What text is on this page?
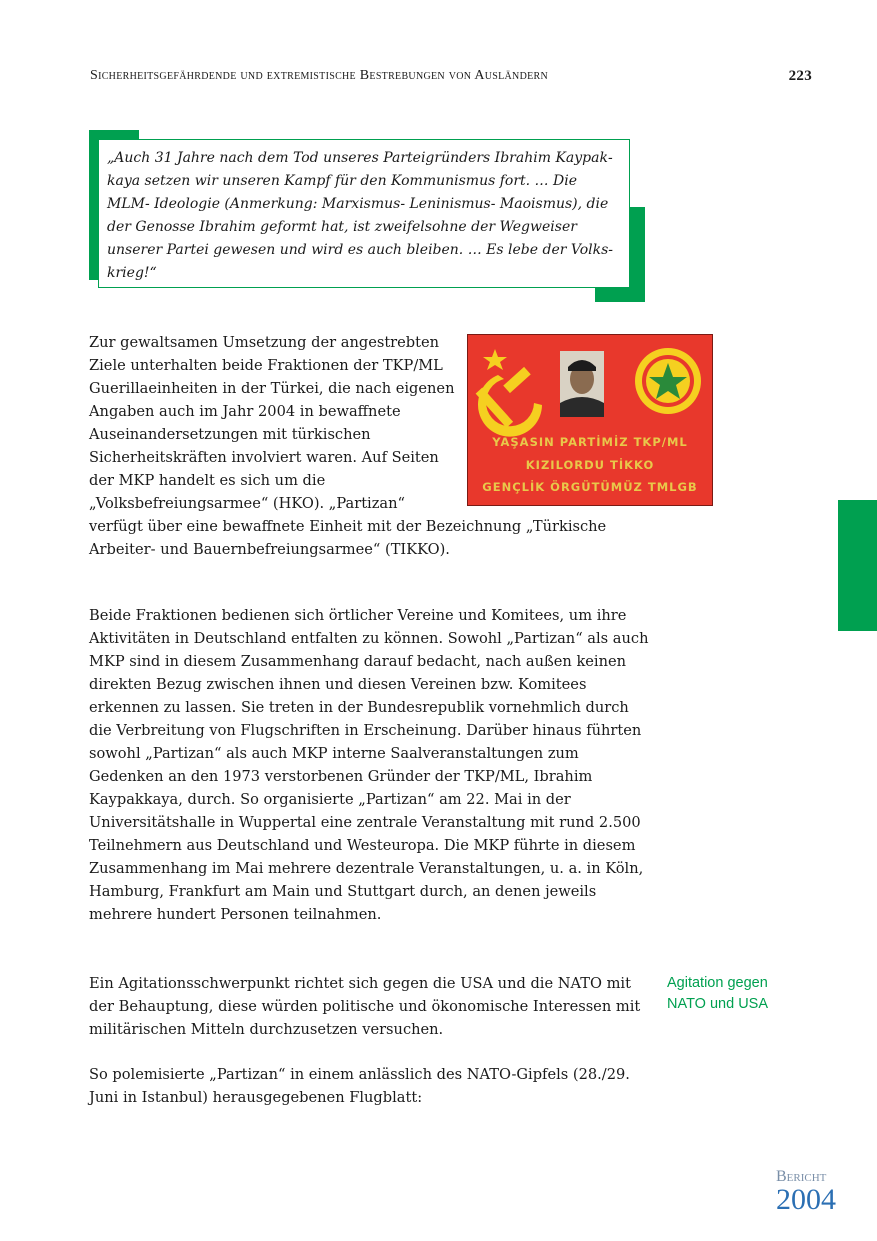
Sicherheitsgefährdende und extremistische Bestrebungen von Ausländern	223
„Auch 31 Jahre nach dem Tod unseres Parteigründers Ibrahim Kaypakkaya setzen wir unseren Kampf für den Kommunismus fort. … Die MLM- Ideologie (Anmerkung: Marxismus- Leninismus- Maoismus), die der Genosse Ibrahim geformt hat, ist zweifelsohne der Wegweiser unserer Partei gewesen und wird es auch bleiben. … Es lebe der Volkskrieg!“
YAŞASIN PARTİMİZ TKP/ML
KIZILORDU TİKKO
GENÇLİK ÖRGÜTÜMÜZ TMLGB
Zur gewaltsamen Umsetzung der angestrebten Ziele unterhalten beide Fraktionen der TKP/ML Guerillaeinheiten in der Türkei, die nach eigenen Angaben auch im Jahr 2004 in bewaffnete Auseinandersetzungen mit türkischen Sicherheitskräften involviert waren. Auf Seiten der MKP handelt es sich um die „Volksbefreiungsarmee“ (HKO). „Partizan“ verfügt über eine bewaffnete Einheit mit der Bezeichnung „Türkische Arbeiter- und Bauernbefreiungsarmee“ (TIKKO).
Beide Fraktionen bedienen sich örtlicher Vereine und Komitees, um ihre Aktivitäten in Deutschland entfalten zu können. Sowohl „Partizan“ als auch MKP sind in diesem Zusammenhang darauf bedacht, nach außen keinen direkten Bezug zwischen ihnen und diesen Vereinen bzw. Komitees erkennen zu lassen. Sie treten in der Bundesrepublik vornehmlich durch die Verbreitung von Flugschriften in Erscheinung. Darüber hinaus führten sowohl „Partizan“ als auch MKP interne Saalveranstaltungen zum Gedenken an den 1973 verstorbenen Gründer der TKP/ML, Ibrahim Kaypakkaya, durch. So organisierte „Partizan“ am 22. Mai in der Universitätshalle in Wuppertal eine zentrale Veranstaltung mit rund 2.500 Teilnehmern aus Deutschland und Westeuropa. Die MKP führte in diesem Zusammenhang im Mai mehrere dezentrale Veranstaltungen, u. a. in Köln, Hamburg, Frankfurt am Main und Stuttgart durch, an denen jeweils mehrere hundert Personen teilnahmen.
Ein Agitationsschwerpunkt richtet sich gegen die USA und die NATO mit der Behauptung, diese würden politische und ökonomische Interessen mit militärischen Mitteln durchzusetzen versuchen.
So polemisierte „Partizan“ in einem anlässlich des NATO-Gipfels (28./29. Juni in Istanbul) herausgegebenen Flugblatt:
Agitation gegen
NATO und USA
Bericht
2004
